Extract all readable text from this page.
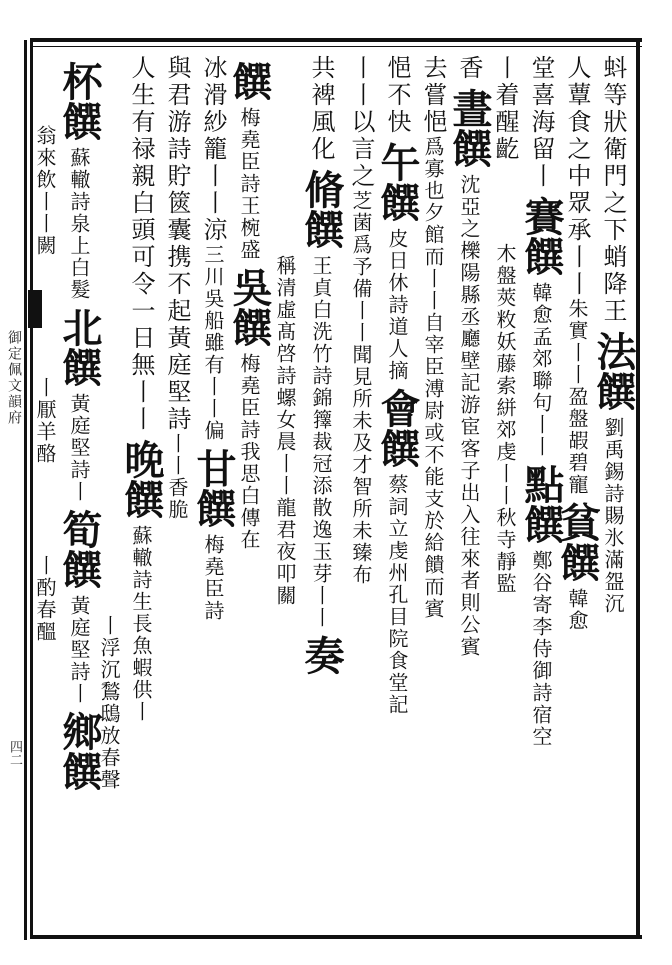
御定佩文韻府
四二
蚪等狀衛門之下蛸降王法饌劉禹錫詩賜氷滿盌沉
人蕈食之中眾承丨丨朱實丨丨盈盤嘏碧寵貧饌韓愈
堂喜海留丨賽饌韓愈孟郊聯句丨丨點饌鄭谷寄李侍御詩宿空
丨着醒齕木盤莢敉妖藤索絣郊虔丨丨秋寺靜監
香晝饌沈亞之櫟陽縣丞廳壁記游宦客子出入往來者則公賓
去嘗悒爲寡也夕館而丨丨自宰臣溥尉或不能支於給饋而賓
悒不快午饌皮日休詩道人摘會饌蔡詞立虔州孔目院食堂記
丨丨以言之芝菌爲予備丨丨聞見所未及才智所未臻布
共裨風化脩饌王貞白洗竹詩錦籜裁冠添散逸玉芽丨丨奏
稱清虛髙啓詩螺女晨丨丨龍君夜叩關
饌梅堯臣詩王椀盛吳饌梅堯臣詩我思白傳在
冰滑紗籠丨丨涼三川吳船雖有丨丨偏甘饌梅堯臣詩
與君游詩貯篋囊携不起黃庭堅詩丨丨香脆
人生有禄親白頭可令一日無丨丨晚饌蘇轍詩生長魚蝦供丨
丨浮沉鶖鴟放春聲
杯饌蘇轍詩泉上白髮北饌黃庭堅詩丨筍饌黃庭堅詩丨鄉饌
翁來飲丨丨闕丨厭羊酪丨酌春醞
